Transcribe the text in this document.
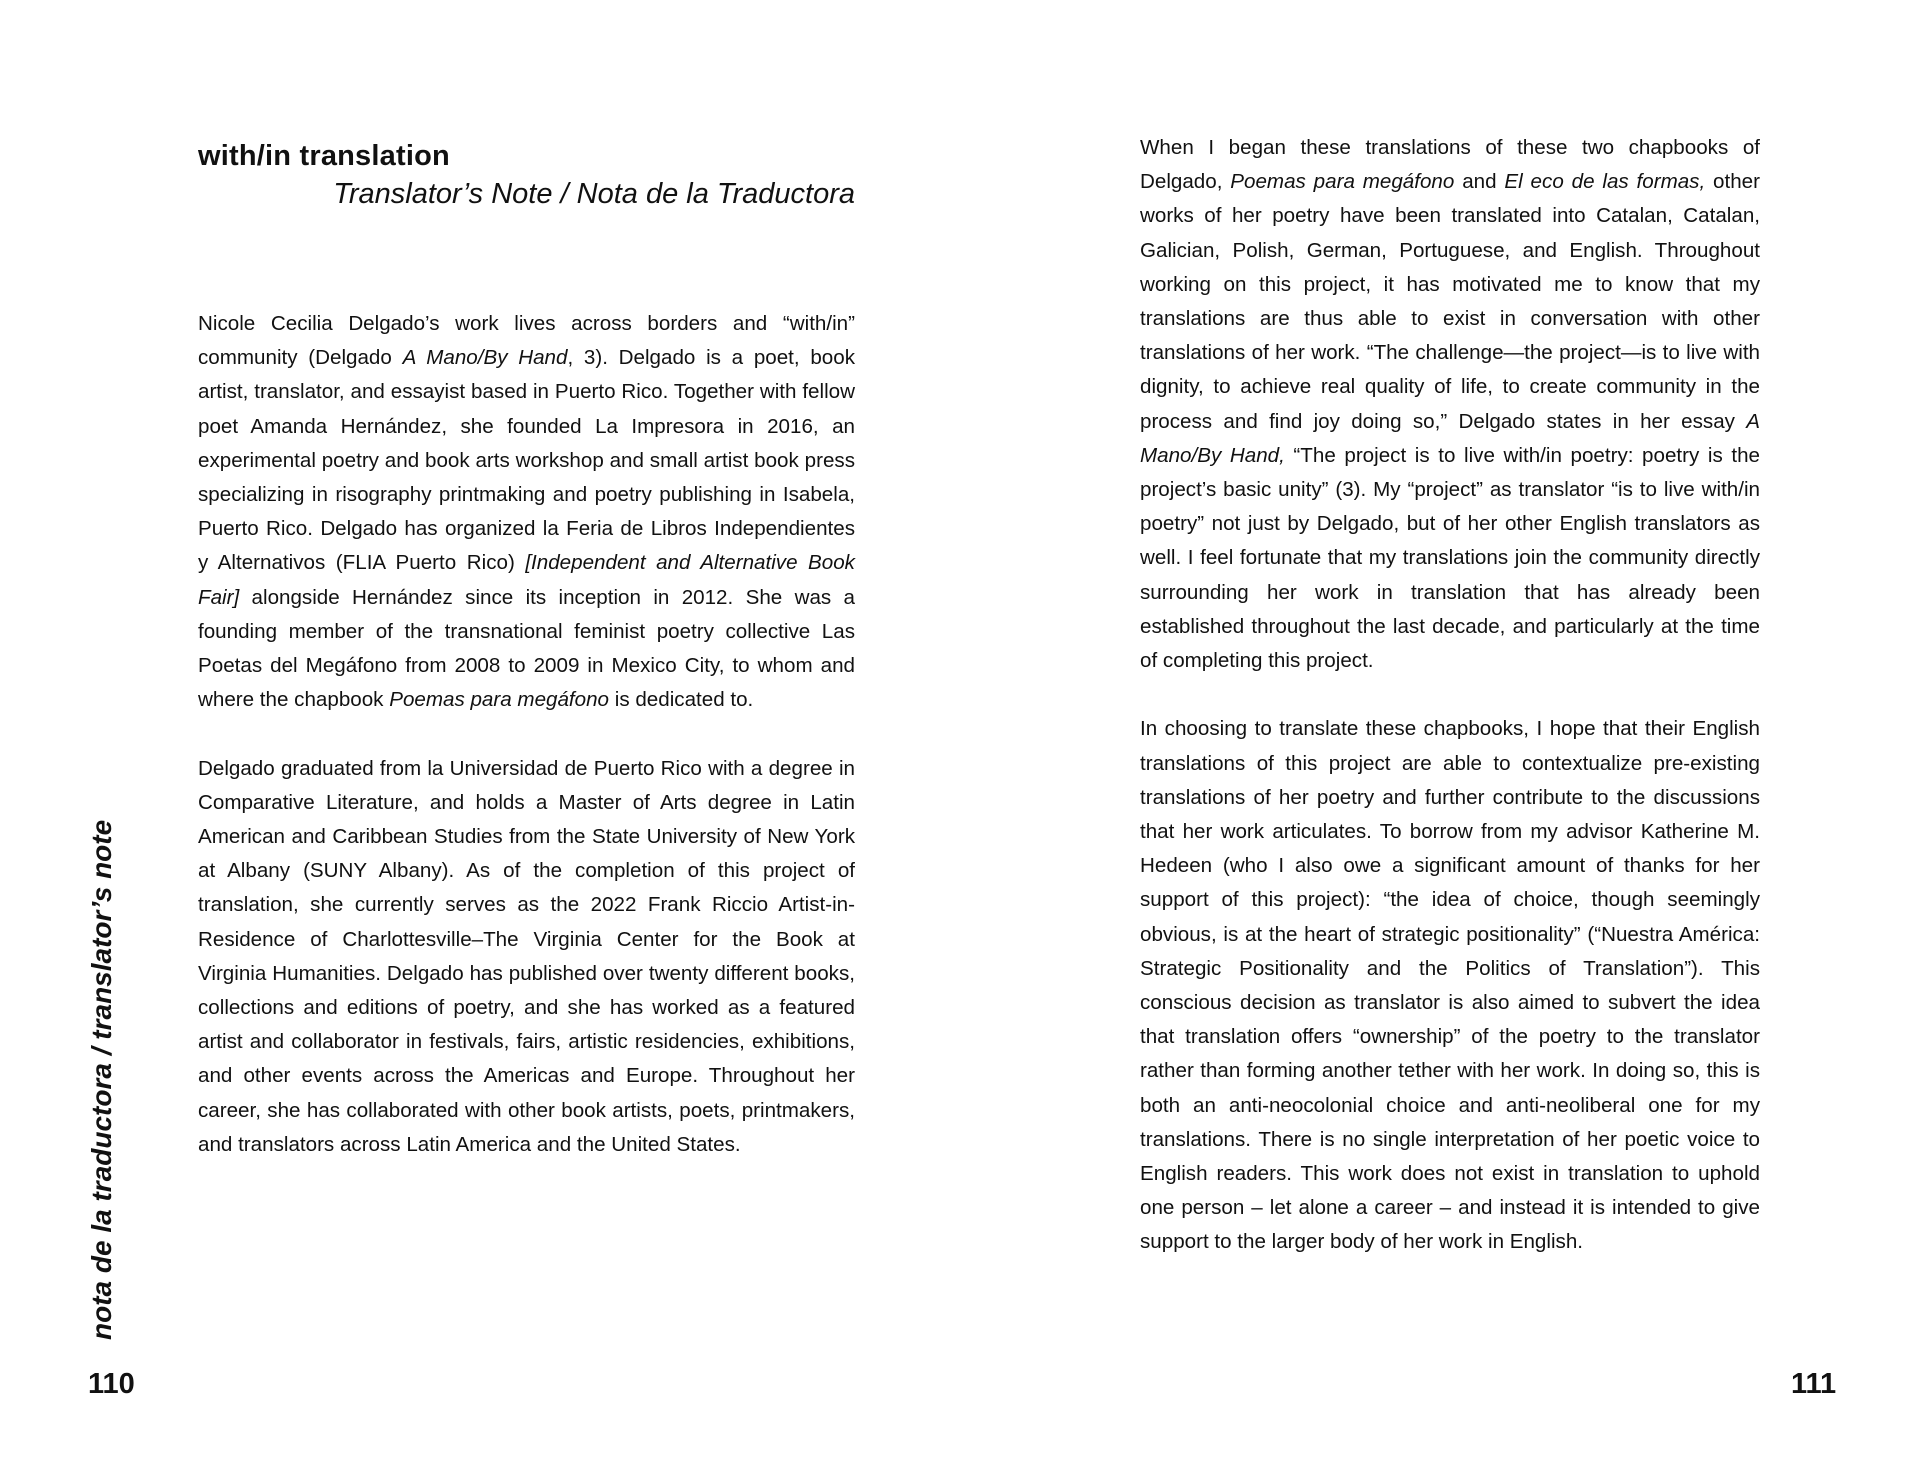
with/in translation
Translator’s Note / Nota de la Traductora

Nicole Cecilia Delgado’s work lives across borders and “with/in” community (Delgado A Mano/By Hand, 3). Delgado is a poet, book artist, translator, and essayist based in Puerto Rico. Together with fellow poet Amanda Hernández, she founded La Impresora in 2016, an experimental poetry and book arts workshop and small artist book press specializing in risography printmaking and poetry publishing in Isabela, Puerto Rico. Delgado has organized la Feria de Libros Independientes y Alternativos (FLIA Puerto Rico) [Independent and Alternative Book Fair] alongside Hernández since its inception in 2012. She was a founding member of the transnational feminist poetry collective Las Poetas del Megáfono from 2008 to 2009 in Mexico City, to whom and where the chapbook Poemas para megáfono is dedicated to.

Delgado graduated from la Universidad de Puerto Rico with a degree in Comparative Literature, and holds a Master of Arts degree in Latin American and Caribbean Studies from the State University of New York at Albany (SUNY Albany). As of the completion of this project of translation, she currently serves as the 2022 Frank Riccio Artist-in-Residence of Charlottesville–The Virginia Center for the Book at Virginia Humanities. Delgado has published over twenty different books, collections and editions of poetry, and she has worked as a featured artist and collaborator in festivals, fairs, artistic residencies, exhibitions, and other events across the Americas and Europe. Throughout her career, she has collaborated with other book artists, poets, printmakers, and translators across Latin America and the United States.

nota de la traductora / translator’s note
110

When I began these translations of these two chapbooks of Delgado, Poemas para megáfono and El eco de las formas, other works of her poetry have been translated into Catalan, Catalan, Galician, Polish, German, Portuguese, and English. Throughout working on this project, it has motivated me to know that my translations are thus able to exist in conversation with other translations of her work. “The challenge—the project—is to live with dignity, to achieve real quality of life, to create community in the process and find joy doing so,” Delgado states in her essay A Mano/By Hand, “The project is to live with/in poetry: poetry is the project’s basic unity” (3). My “project” as translator “is to live with/in poetry” not just by Delgado, but of her other English translators as well. I feel fortunate that my translations join the community directly surrounding her work in translation that has already been established throughout the last decade, and particularly at the time of completing this project.

In choosing to translate these chapbooks, I hope that their English translations of this project are able to contextualize pre-existing translations of her poetry and further contribute to the discussions that her work articulates. To borrow from my advisor Katherine M. Hedeen (who I also owe a significant amount of thanks for her support of this project): “the idea of choice, though seemingly obvious, is at the heart of strategic positionality” (“Nuestra América: Strategic Positionality and the Politics of Translation”). This conscious decision as translator is also aimed to subvert the idea that translation offers “ownership” of the poetry to the translator rather than forming another tether with her work. In doing so, this is both an anti-neocolonial choice and anti-neoliberal one for my translations. There is no single interpretation of her poetic voice to English readers. This work does not exist in translation to uphold one person – let alone a career – and instead it is intended to give support to the larger body of her work in English.

111
